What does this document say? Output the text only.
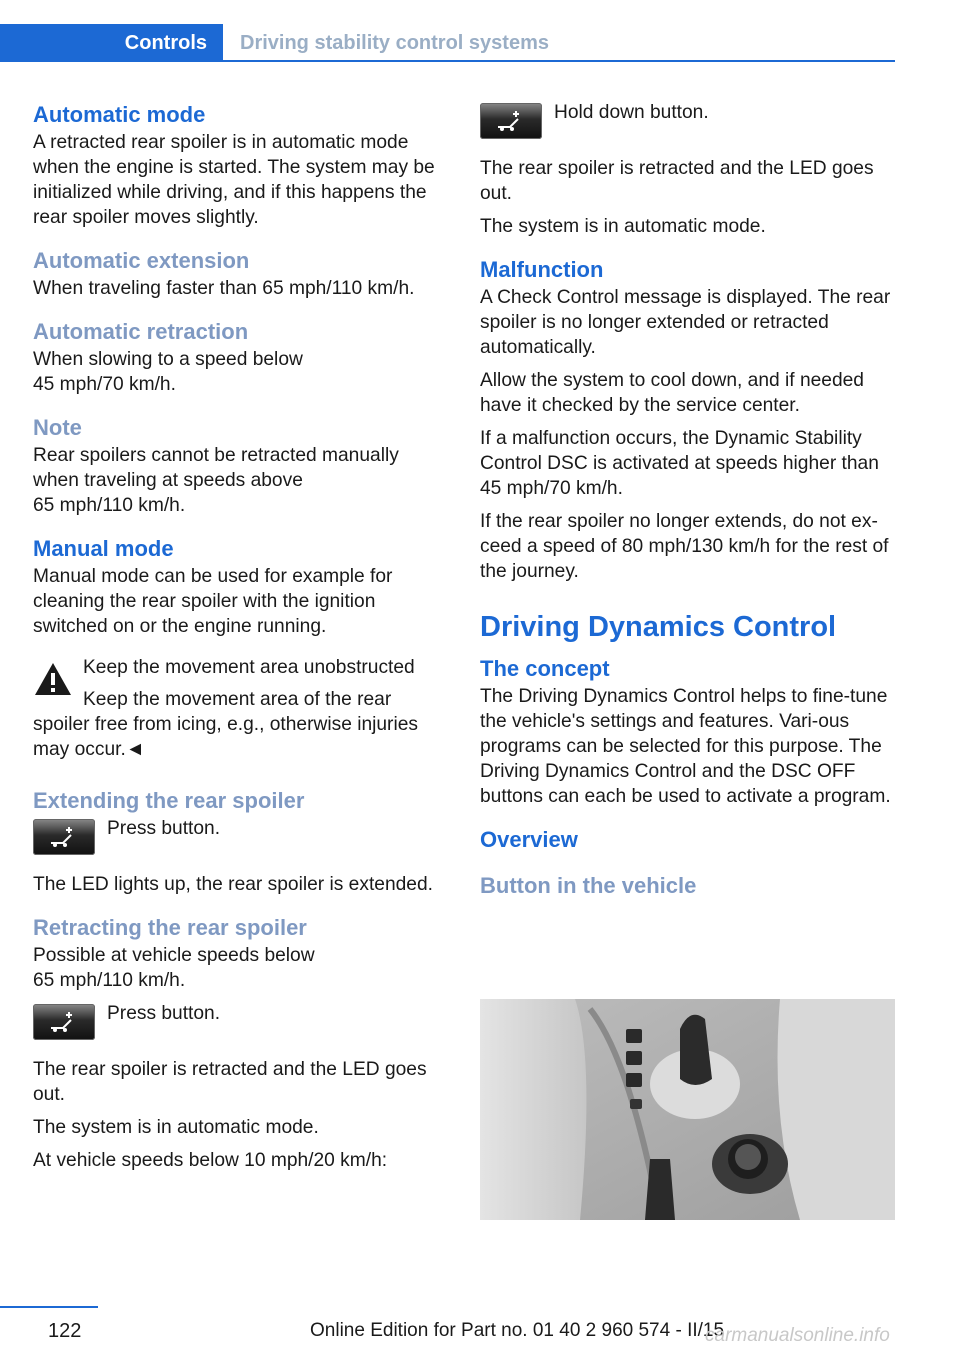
Controls	Driving stability control systems
Automatic mode

A retracted rear spoiler is in automatic mode when the engine is started. The system may be initialized while driving, and if this happens the rear spoiler moves slightly.

Automatic extension

When traveling faster than 65 mph/110 km/h.

Automatic retraction

When slowing to a speed below

45 mph/70 km/h.

Note

Rear spoilers cannot be retracted manually when traveling at speeds above

65 mph/110 km/h.

Manual mode

Manual mode can be used for example for cleaning the rear spoiler with the ignition switched on or the engine running.

Keep the movement area unobstructed

Keep the movement area of the rear

spoiler free from icing, e.g., otherwise injuries may occur.◄

Extending the rear spoiler

Press button.

The LED lights up, the rear spoiler is extended.

Retracting the rear spoiler

Possible at vehicle speeds below

65 mph/110 km/h.

Press button.

The rear spoiler is retracted and the LED goes out.

The system is in automatic mode.

At vehicle speeds below 10 mph/20 km/h:

Hold down button.

The rear spoiler is retracted and the LED goes out.

The system is in automatic mode.

Malfunction

A Check Control message is displayed. The rear spoiler is no longer extended or retracted automatically.

Allow the system to cool down, and if needed have it checked by the service center.

If a malfunction occurs, the Dynamic Stability Control DSC is activated at speeds higher than 45 mph/70 km/h.

If the rear spoiler no longer extends, do not ex‐ceed a speed of 80 mph/130 km/h for the rest of the journey.

Driving Dynamics Control
The concept

The Driving Dynamics Control helps to fine-tune the vehicle's settings and features. Vari‐ous programs can be selected for this purpose. The Driving Dynamics Control and the DSC OFF buttons can each be used to activate a program.

Overview
Button in the vehicle
122	Online Edition for Part no. 01 40 2 960 574 - II/15
carmanualsonline.info
